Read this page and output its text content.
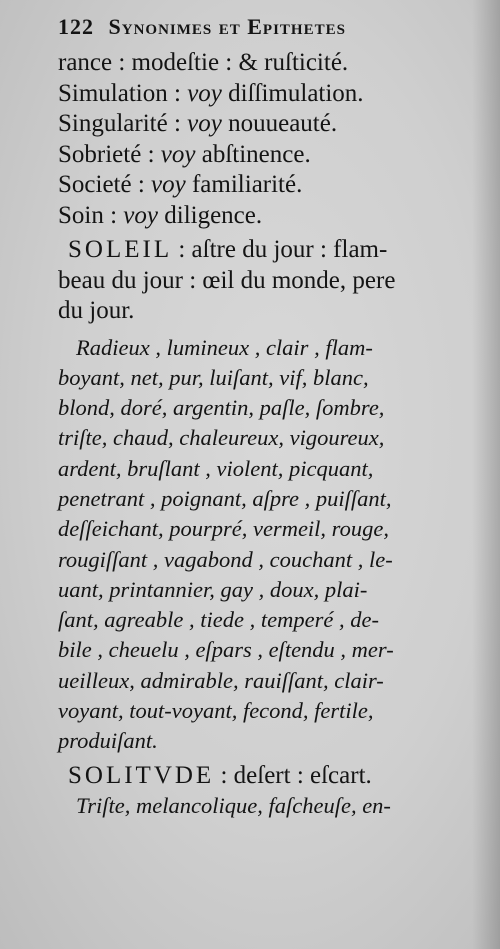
122 Synonimes et Epithetes
rance : modeſtie : & ruſticité.
Simulation : voy diſſimulation.
Singularité : voy nouueauté.
Sobrieté : voy abſtinence.
Societé : voy familiarité.
Soin : voy diligence.
SOLEIL : aſtre du jour : flam-
beau du jour : œil du monde, pere
du jour.
Radieux , lumineux , clair , flam-
boyant, net, pur, luiſant, vif, blanc,
blond, doré, argentin, paſle, ſombre,
triſte, chaud, chaleureux, vigoureux,
ardent, bruſlant , violent, picquant,
penetrant , poignant, aſpre , puiſſant,
deſſeichant, pourpré, vermeil, rouge,
rougiſſant , vagabond , couchant , le-
uant, printannier, gay , doux, plai-
ſant, agreable , tiede , temperé , de-
bile , cheuelu , eſpars , eſtendu , mer-
ueilleux, admirable, rauiſſant, clair-
voyant, tout-voyant, fecond, fertile,
produiſant.
SOLITVDE : deſert : eſcart.
Triſte, melancolique, faſcheuſe, en-
